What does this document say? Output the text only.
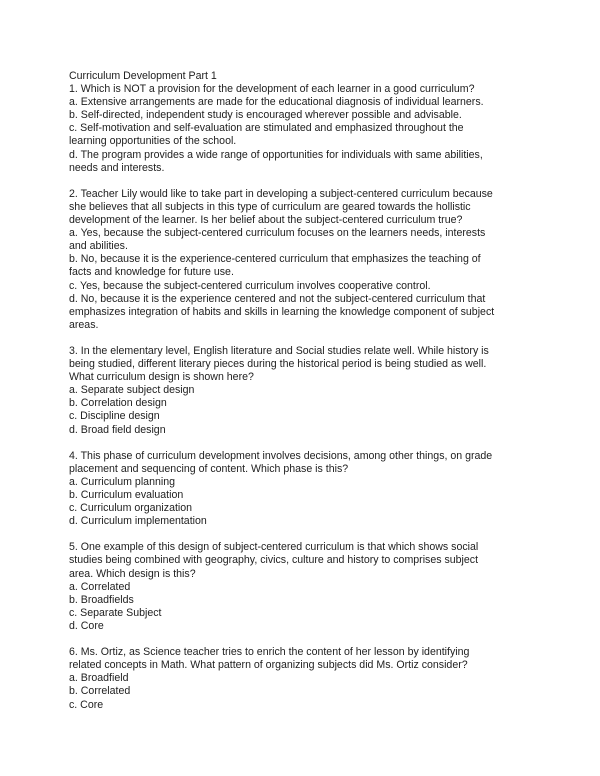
Curriculum Development Part 1
1. Which is NOT a provision for the development of each learner in a good curriculum?
a. Extensive arrangements are made for the educational diagnosis of individual learners.
b. Self-directed, independent study is encouraged wherever possible and advisable.
c. Self-motivation and self-evaluation are stimulated and emphasized throughout the
learning opportunities of the school.
d. The program provides a wide range of opportunities for individuals with same abilities,
needs and interests.
2. Teacher Lily would like to take part in developing a subject-centered curriculum because
she believes that all subjects in this type of curriculum are geared towards the hollistic
development of the learner. Is her belief about the subject-centered curriculum true?
a. Yes, because the subject-centered curriculum focuses on the learners needs, interests
and abilities.
b. No, because it is the experience-centered curriculum that emphasizes the teaching of
facts and knowledge for future use.
c. Yes, because the subject-centered curriculum involves cooperative control.
d. No, because it is the experience centered and not the subject-centered curriculum that
emphasizes integration of habits and skills in learning the knowledge component of subject
areas.
3. In the elementary level, English literature and Social studies relate well. While history is
being studied, different literary pieces during the historical period is being studied as well.
What curriculum design is shown here?
a. Separate subject design
b. Correlation design
c. Discipline design
d. Broad field design
4. This phase of curriculum development involves decisions, among other things, on grade
placement and sequencing of content. Which phase is this?
a. Curriculum planning
b. Curriculum evaluation
c. Curriculum organization
d. Curriculum implementation
5. One example of this design of subject-centered curriculum is that which shows social
studies being combined with geography, civics, culture and history to comprises subject
area. Which design is this?
a. Correlated
b. Broadfields
c. Separate Subject
d. Core
6. Ms. Ortiz, as Science teacher tries to enrich the content of her lesson by identifying
related concepts in Math. What pattern of organizing subjects did Ms. Ortiz consider?
a. Broadfield
b. Correlated
c. Core
